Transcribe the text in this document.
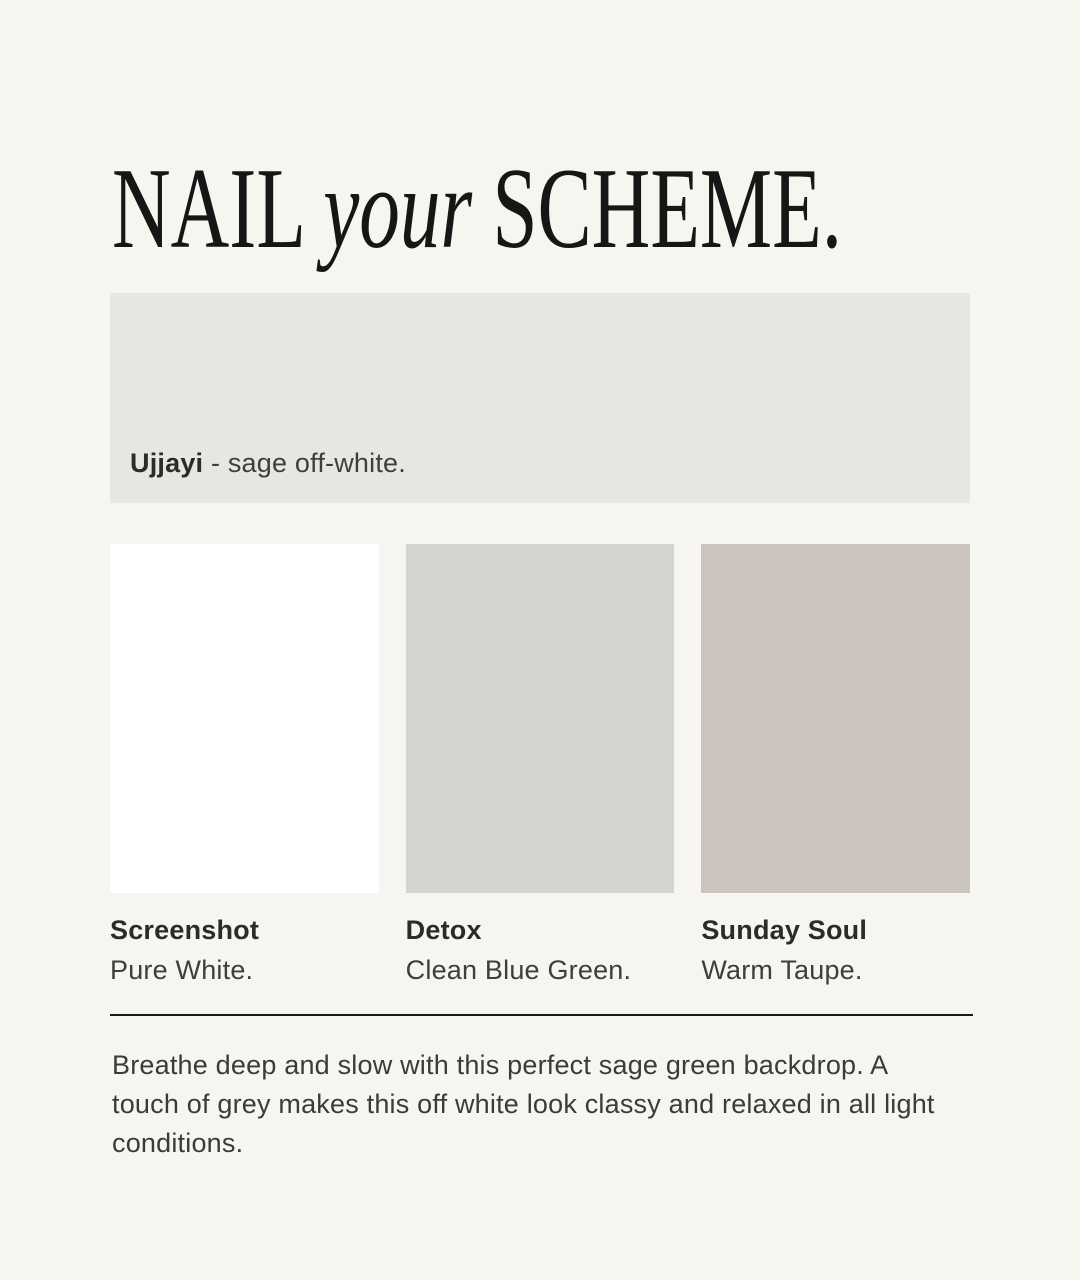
NAIL your SCHEME.
Ujjayi - sage off-white.
Screenshot
Pure White.
Detox
Clean Blue Green.
Sunday Soul
Warm Taupe.

Breathe deep and slow with this perfect sage green backdrop. A touch of grey makes this off white look classy and relaxed in all light conditions.
